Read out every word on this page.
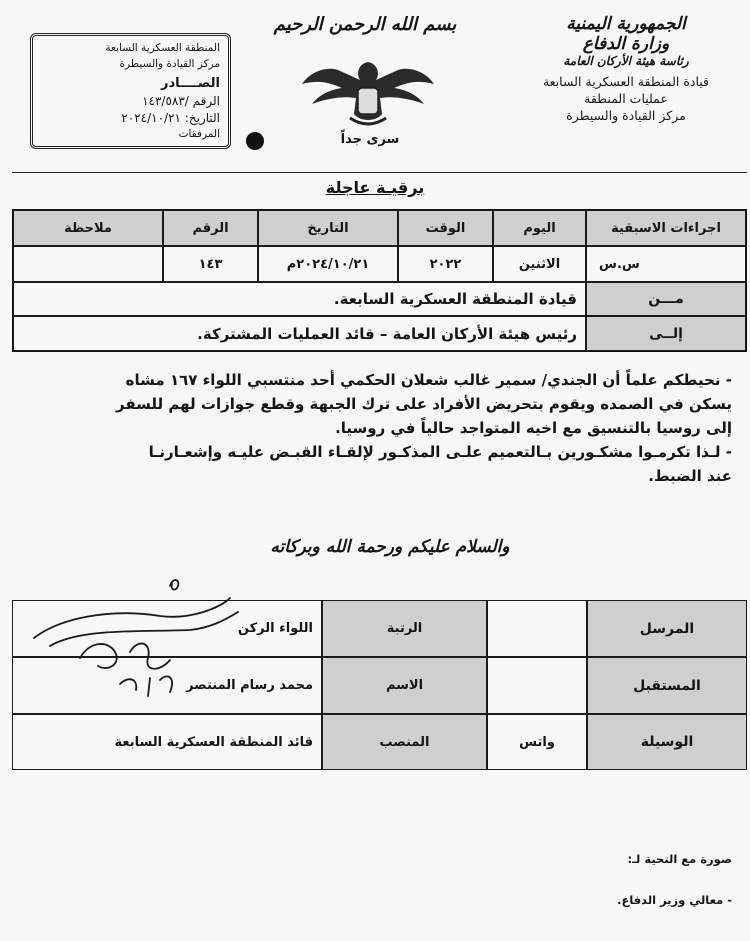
الجمهورية اليمنية
وزارة الدفاع
رئاسة هيئة الأركان العامة
قيادة المنطقة العسكرية السابعة
عمليات المنطقة
مركز القيادة والسيطرة
بسم الله الرحمن الرحيم
سرى جداً
المنطقة العسكرية السابعة
مركز القيادة والسيطرة
الصــــادر
الرقم /١٤٣/٥٨٣
التاريخ: ٢٠٢٤/١٠/٢١
المرفقات
برقيـة عاجلة
اجراءات الاسبقية
اليوم
الوقت
التاريخ
الرقم
ملاحظة
س.س
الاثنين
٢٠٢٢
٢٠٢٤/١٠/٢١م
١٤٣
مـــن
قيادة المنطقة العسكرية السابعة.
إلــى
رئيس هيئة الأركان العامة – قائد العمليات المشتركة.
- نحيطكم علماً أن الجندي/ سمير غالب شعلان الحكمي أحد منتسبي اللواء ١٦٧ مشاه
يسكن في الصمده ويقوم بتحريض الأفراد على ترك الجبهة وقطع جوازات لهم للسفر
إلى روسيا بالتنسيق مع اخيه المتواجد حالياً في روسيا.
- لـذا تكرمـوا مشكـورين بـالتعميم علـى المذكـور لإلقـاء القبـض عليـه وإشعـارنـا
عند الضبط.
والسلام عليكم ورحمة الله وبركاته
المرسل
المستقبل
الوسيلة
واتس
الرتبة
الاسم
المنصب
اللواء الركن
محمد رسام المنتصر
قائد المنطقة العسكرية السابعة
صورة مع التحية لـ:
- معالي وزير الدفاع.
